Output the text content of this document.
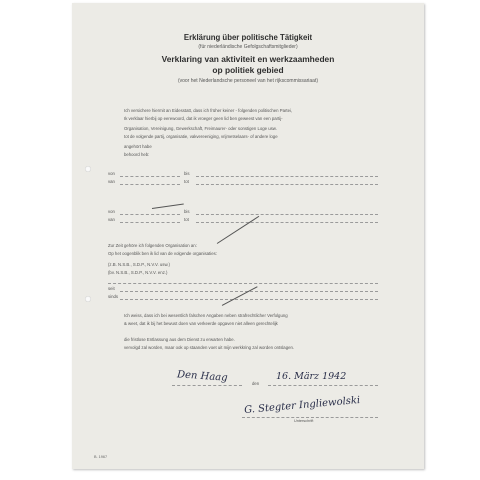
Erklärung über politische Tätigkeit
(für niederländische Gefolgschaftsmitglieder)
Verklaring van aktiviteit en werkzaamheden
op politiek gebied
(voor het Nederlandsche personeel van het rijkscommissariaat)
Ich versichere hiermit an Eidesstatt, dass ich früher keiner - folgenden politischen Partei,
Ik verklaar hierbij op eerewoord, dat ik vroeger geen lid ben geweest van een partij-
Organisation, Vereinigung, Gewerkschaft, Freimaurer- oder sonstigen Loge usw.
tot de volgende partij, organisatie, vakvereeniging, vrijmetselaars- of andere loge
angehört habe
behoord heb:
von
van
bis
tot
von
van
bis
tot
Zur Zeit gehöre ich folgenden Organisation an:
Op het oogenblik ben ik lid van de volgende organisaties:
(z.B. N.S.B., S.D.P., N.V.V. usw.)
(bv. N.S.B., S.D.P., N.V.V. enz.)
seit
sinds
Ich weiss, dass ich bei wesentlich falschen Angaben neben strafrechtlicher Verfolgung
& weet, dat ik bij het bewust doen van verkeerde opgaven niet alleen gerechtelijk
die fristlose Entlassung aus dem Dienst zu erwarten habe.
vervolgd zal worden, maar ook op staanden voet uit mijn werkkring zal worden ontslagen.
Den Haag	den
16. März 1942
G. Stegter Ingliewolski
Unterschrift
B. 1967
